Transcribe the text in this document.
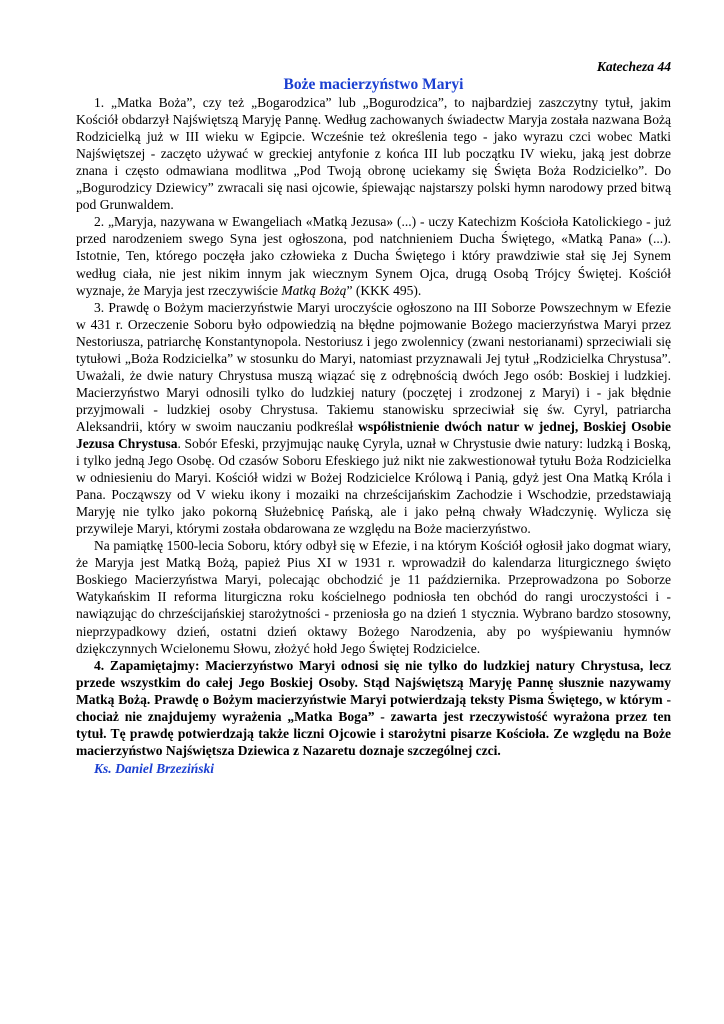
Katecheza 44
Boże macierzyństwo Maryi

1. „Matka Boża”, czy też „Bogarodzica” lub „Bogurodzica”, to najbardziej zaszczytny tytuł, jakim Kościół obdarzył Najświętszą Maryję Pannę. Według zachowanych świadectw Maryja została nazwana Bożą Rodzicielką już w III wieku w Egipcie. Wcześnie też określenia tego - jako wyrazu czci wobec Matki Najświętszej - zaczęto używać w greckiej antyfonie z końca III lub początku IV wieku, jaką jest dobrze znana i często odmawiana modlitwa „Pod Twoją obronę uciekamy się Święta Boża Rodzicielko”. Do „Bogurodzicy Dziewicy” zwracali się nasi ojcowie, śpiewając najstarszy polski hymn narodowy przed bitwą pod Grunwaldem.

2. „Maryja, nazywana w Ewangeliach «Matką Jezusa» (...) - uczy Katechizm Kościoła Katolickiego - już przed narodzeniem swego Syna jest ogłoszona, pod natchnieniem Ducha Świętego, «Matką Pana» (...). Istotnie, Ten, którego poczęła jako człowieka z Ducha Świętego i który prawdziwie stał się Jej Synem według ciała, nie jest nikim innym jak wiecznym Synem Ojca, drugą Osobą Trójcy Świętej. Kościół wyznaje, że Maryja jest rzeczywiście Matką Bożą” (KKK 495).

3. Prawdę o Bożym macierzyństwie Maryi uroczyście ogłoszono na III Soborze Powszechnym w Efezie w 431 r. Orzeczenie Soboru było odpowiedzią na błędne pojmowanie Bożego macierzyństwa Maryi przez Nestoriusza, patriarchę Konstantynopola. Nestoriusz i jego zwolennicy (zwani nestorianami) sprzeciwiali się tytułowi „Boża Rodzicielka” w stosunku do Maryi, natomiast przyznawali Jej tytuł „Rodzicielka Chrystusa”. Uważali, że dwie natury Chrystusa muszą wiązać się z odrębnością dwóch Jego osób: Boskiej i ludzkiej. Macierzyństwo Maryi odnosili tylko do ludzkiej natury (poczętej i zrodzonej z Maryi) i - jak błędnie przyjmowali - ludzkiej osoby Chrystusa. Takiemu stanowisku sprzeciwiał się św. Cyryl, patriarcha Aleksandrii, który w swoim nauczaniu podkreślał współistnienie dwóch natur w jednej, Boskiej Osobie Jezusa Chrystusa. Sobór Efeski, przyjmując naukę Cyryla, uznał w Chrystusie dwie natury: ludzką i Boską, i tylko jedną Jego Osobę. Od czasów Soboru Efeskiego już nikt nie zakwestionował tytułu Boża Rodzicielka w odniesieniu do Maryi. Kościół widzi w Bożej Rodzicielce Królową i Panią, gdyż jest Ona Matką Króla i Pana. Począwszy od V wieku ikony i mozaiki na chrześcijańskim Zachodzie i Wschodzie, przedstawiają Maryję nie tylko jako pokorną Służebnicę Pańską, ale i jako pełną chwały Władczynię. Wylicza się przywileje Maryi, którymi została obdarowana ze względu na Boże macierzyństwo.

Na pamiątkę 1500-lecia Soboru, który odbył się w Efezie, i na którym Kościół ogłosił jako dogmat wiary, że Maryja jest Matką Bożą, papież Pius XI w 1931 r. wprowadził do kalendarza liturgicznego święto Boskiego Macierzyństwa Maryi, polecając obchodzić je 11 października. Przeprowadzona po Soborze Watykańskim II reforma liturgiczna roku kościelnego podniosła ten obchód do rangi uroczystości i - nawiązując do chrześcijańskiej starożytności - przeniosła go na dzień 1 stycznia. Wybrano bardzo stosowny, nieprzypadkowy dzień, ostatni dzień oktawy Bożego Narodzenia, aby po wyśpiewaniu hymnów dziękczynnych Wcielonemu Słowu, złożyć hołd Jego Świętej Rodzicielce.

4. Zapamiętajmy: Macierzyństwo Maryi odnosi się nie tylko do ludzkiej natury Chrystusa, lecz przede wszystkim do całej Jego Boskiej Osoby. Stąd Najświętszą Maryję Pannę słusznie nazywamy Matką Bożą. Prawdę o Bożym macierzyństwie Maryi potwierdzają teksty Pisma Świętego, w którym - chociaż nie znajdujemy wyrażenia „Matka Boga” - zawarta jest rzeczywistość wyrażona przez ten tytuł. Tę prawdę potwierdzają także liczni Ojcowie i starożytni pisarze Kościoła. Ze względu na Boże macierzyństwo Najświętsza Dziewica z Nazaretu doznaje szczególnej czci.

Ks. Daniel Brzeziński
